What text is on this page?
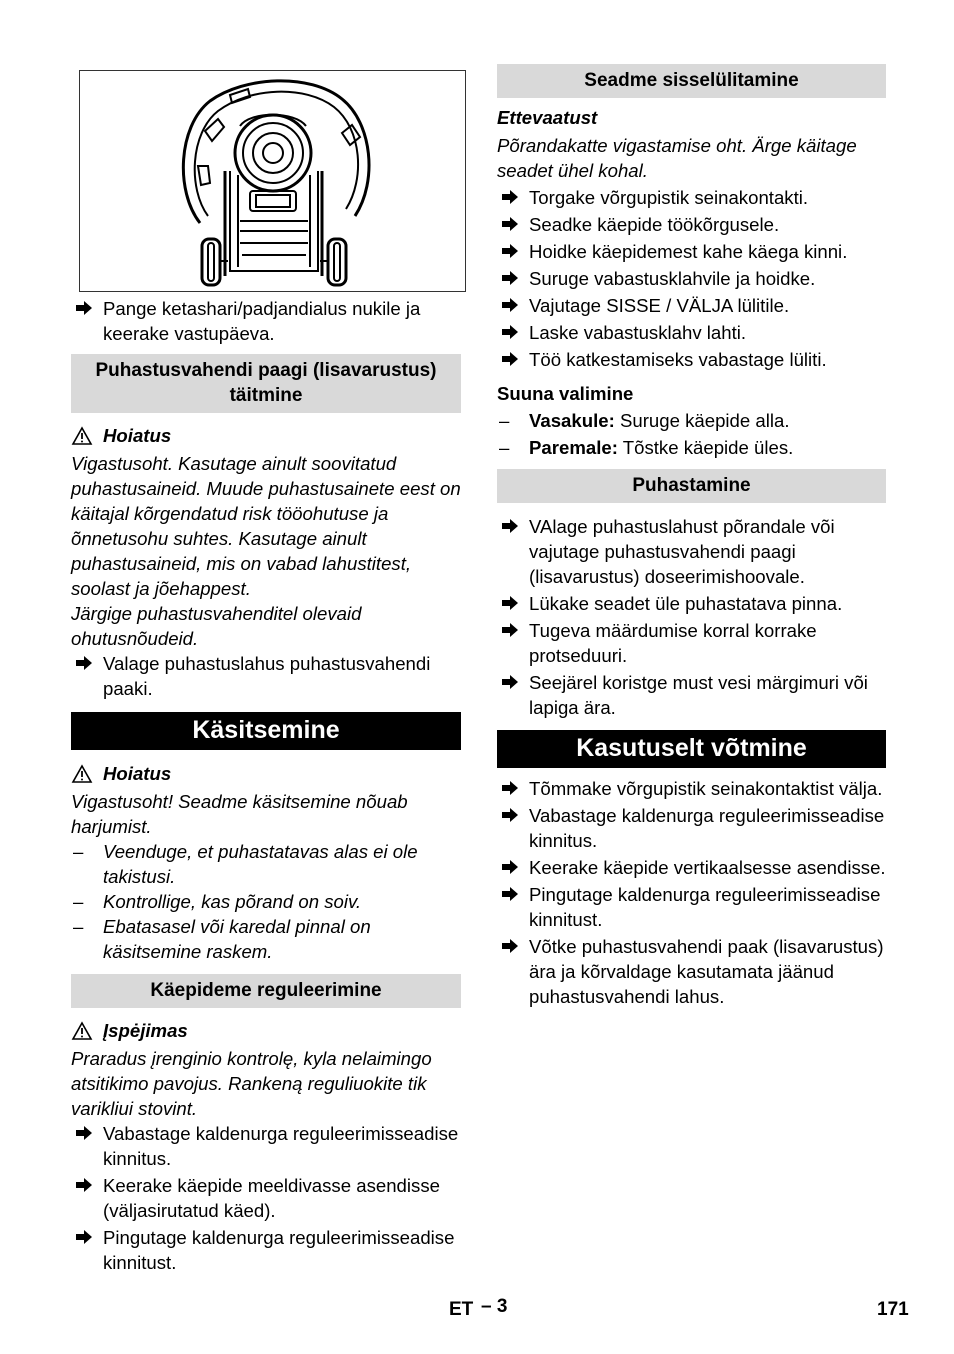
Pange ketashari/padjandialus nukile ja keerake vastupäeva.
Puhastusvahendi paagi (lisavarustus) täitmine
Hoiatus

Vigastusoht. Kasutage ainult soovitatud puhastusaineid. Muude puhastusainete eest on käitajal kõrgendatud risk tööohutuse ja õnnetusohu suhtes. Kasutage ainult puhastusaineid, mis on vabad lahustitest, soolast ja jõehappest.

Järgige puhastusvahenditel olevaid ohutusnõudeid.

Valage puhastuslahus puhastusvahendi paaki.
Käsitsemine
Hoiatus

Vigastusoht! Seadme käsitsemine nõuab harjumist.

–	Veenduge, et puhastatavas alas ei ole takistusi.
–	Kontrollige, kas põrand on soiv.
–	Ebatasasel või karedal pinnal on käsitsemine raskem.
Käepideme reguleerimine
Įspėjimas

Praradus įrenginio kontrolę, kyla nelaimingo atsitikimo pavojus. Rankeną reguliuokite tik varikliui stovint.

Vabastage kaldenurga reguleerimisseadise kinnitus.
Keerake käepide meeldivasse asendisse (väljasirutatud käed).
Pingutage kaldenurga reguleerimisseadise kinnitust.
Seadme sisselülitamine

Ettevaatust

Põrandakatte vigastamise oht. Ärge käitage seadet ühel kohal.

Torgake võrgupistik seinakontakti.
Seadke käepide töökõrgusele.
Hoidke käepidemest kahe käega kinni.
Suruge vabastusklahvile ja hoidke.
Vajutage SISSE / VÄLJA lülitile.
Laske vabastusklahv lahti.
Töö katkestamiseks vabastage lüliti.

Suuna valimine

–	Vasakule: Suruge käepide alla.
–	Paremale: Tõstke käepide üles.
Puhastamine
VAlage puhastuslahust põrandale või vajutage puhastusvahendi paagi (lisavarustus) doseerimishoovale.
Lükake seadet üle puhastatava pinna.
Tugeva määrdumise korral korrake protseduuri.
Seejärel koristge must vesi märgimuri või lapiga ära.
Kasutuselt võtmine
Tõmmake võrgupistik seinakontaktist välja.
Vabastage kaldenurga reguleerimisseadise kinnitus.
Keerake käepide vertikaalsesse asendisse.
Pingutage kaldenurga reguleerimisseadise kinnitust.
Võtke puhastusvahendi paak (lisavarustus) ära ja kõrvaldage kasutamata jäänud puhastusvahendi lahus.
ET – 3	171
